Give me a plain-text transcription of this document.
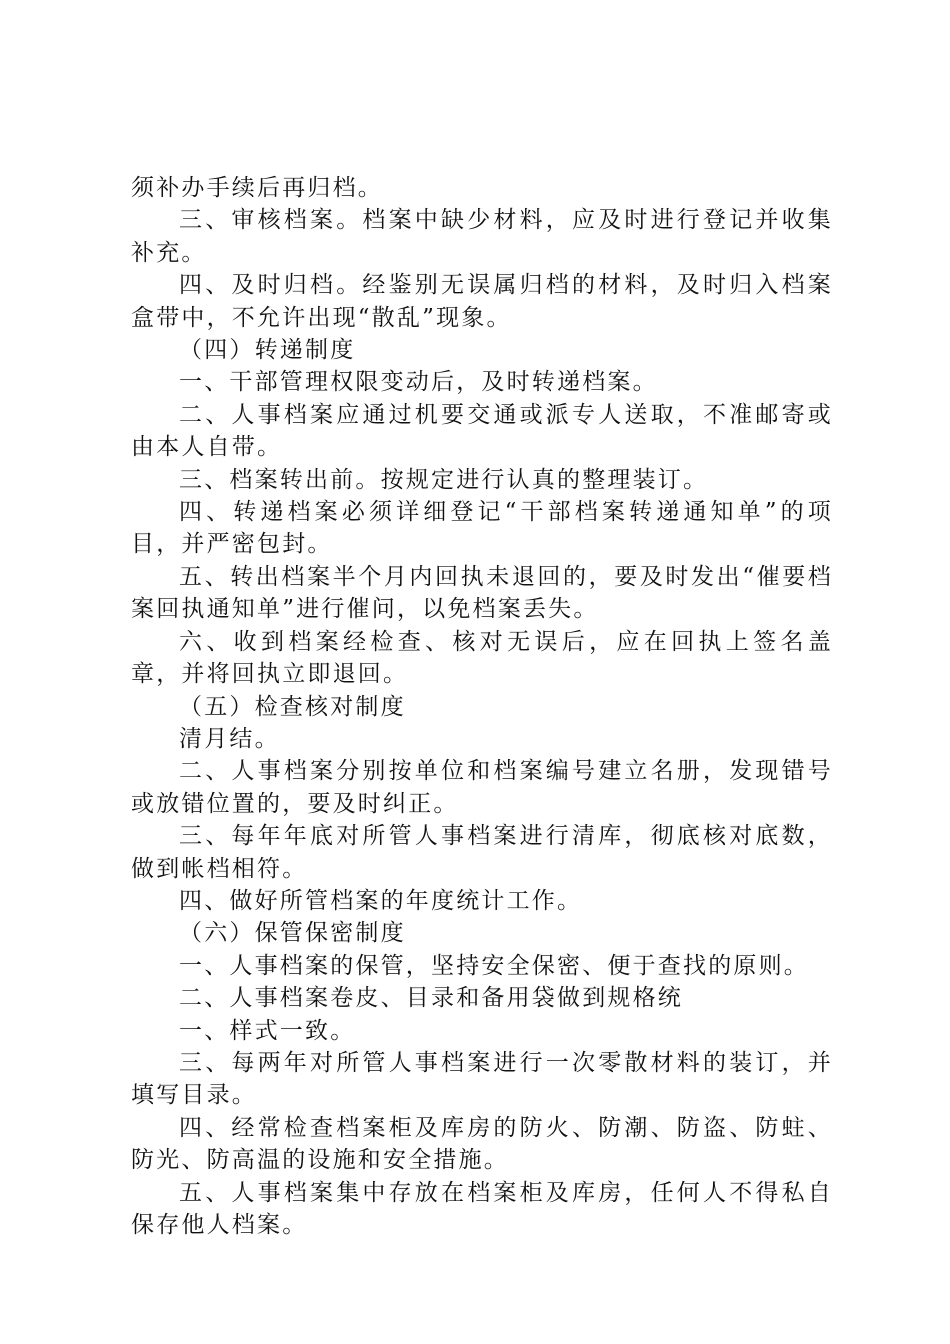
须补办手续后再归档。

三、审核档案。档案中缺少材料，应及时进行登记并收集补充。

四、及时归档。经鉴别无误属归档的材料，及时归入档案盒带中，不允许出现“散乱”现象。

（四）转递制度

一、干部管理权限变动后，及时转递档案。

二、人事档案应通过机要交通或派专人送取，不准邮寄或由本人自带。

三、档案转出前。按规定进行认真的整理装订。

四、转递档案必须详细登记“干部档案转递通知单”的项目，并严密包封。

五、转出档案半个月内回执未退回的，要及时发出“催要档案回执通知单”进行催问，以免档案丢失。

六、收到档案经检查、核对无误后，应在回执上签名盖章，并将回执立即退回。

（五）检查核对制度

清月结。

二、人事档案分别按单位和档案编号建立名册，发现错号或放错位置的，要及时纠正。

三、每年年底对所管人事档案进行清库，彻底核对底数，做到帐档相符。

四、做好所管档案的年度统计工作。

（六）保管保密制度

一、人事档案的保管，坚持安全保密、便于查找的原则。

二、人事档案卷皮、目录和备用袋做到规格统

一、样式一致。

三、每两年对所管人事档案进行一次零散材料的装订，并填写目录。

四、经常检查档案柜及库房的防火、防潮、防盗、防蛀、防光、防高温的设施和安全措施。

五、人事档案集中存放在档案柜及库房，任何人不得私自保存他人档案。
